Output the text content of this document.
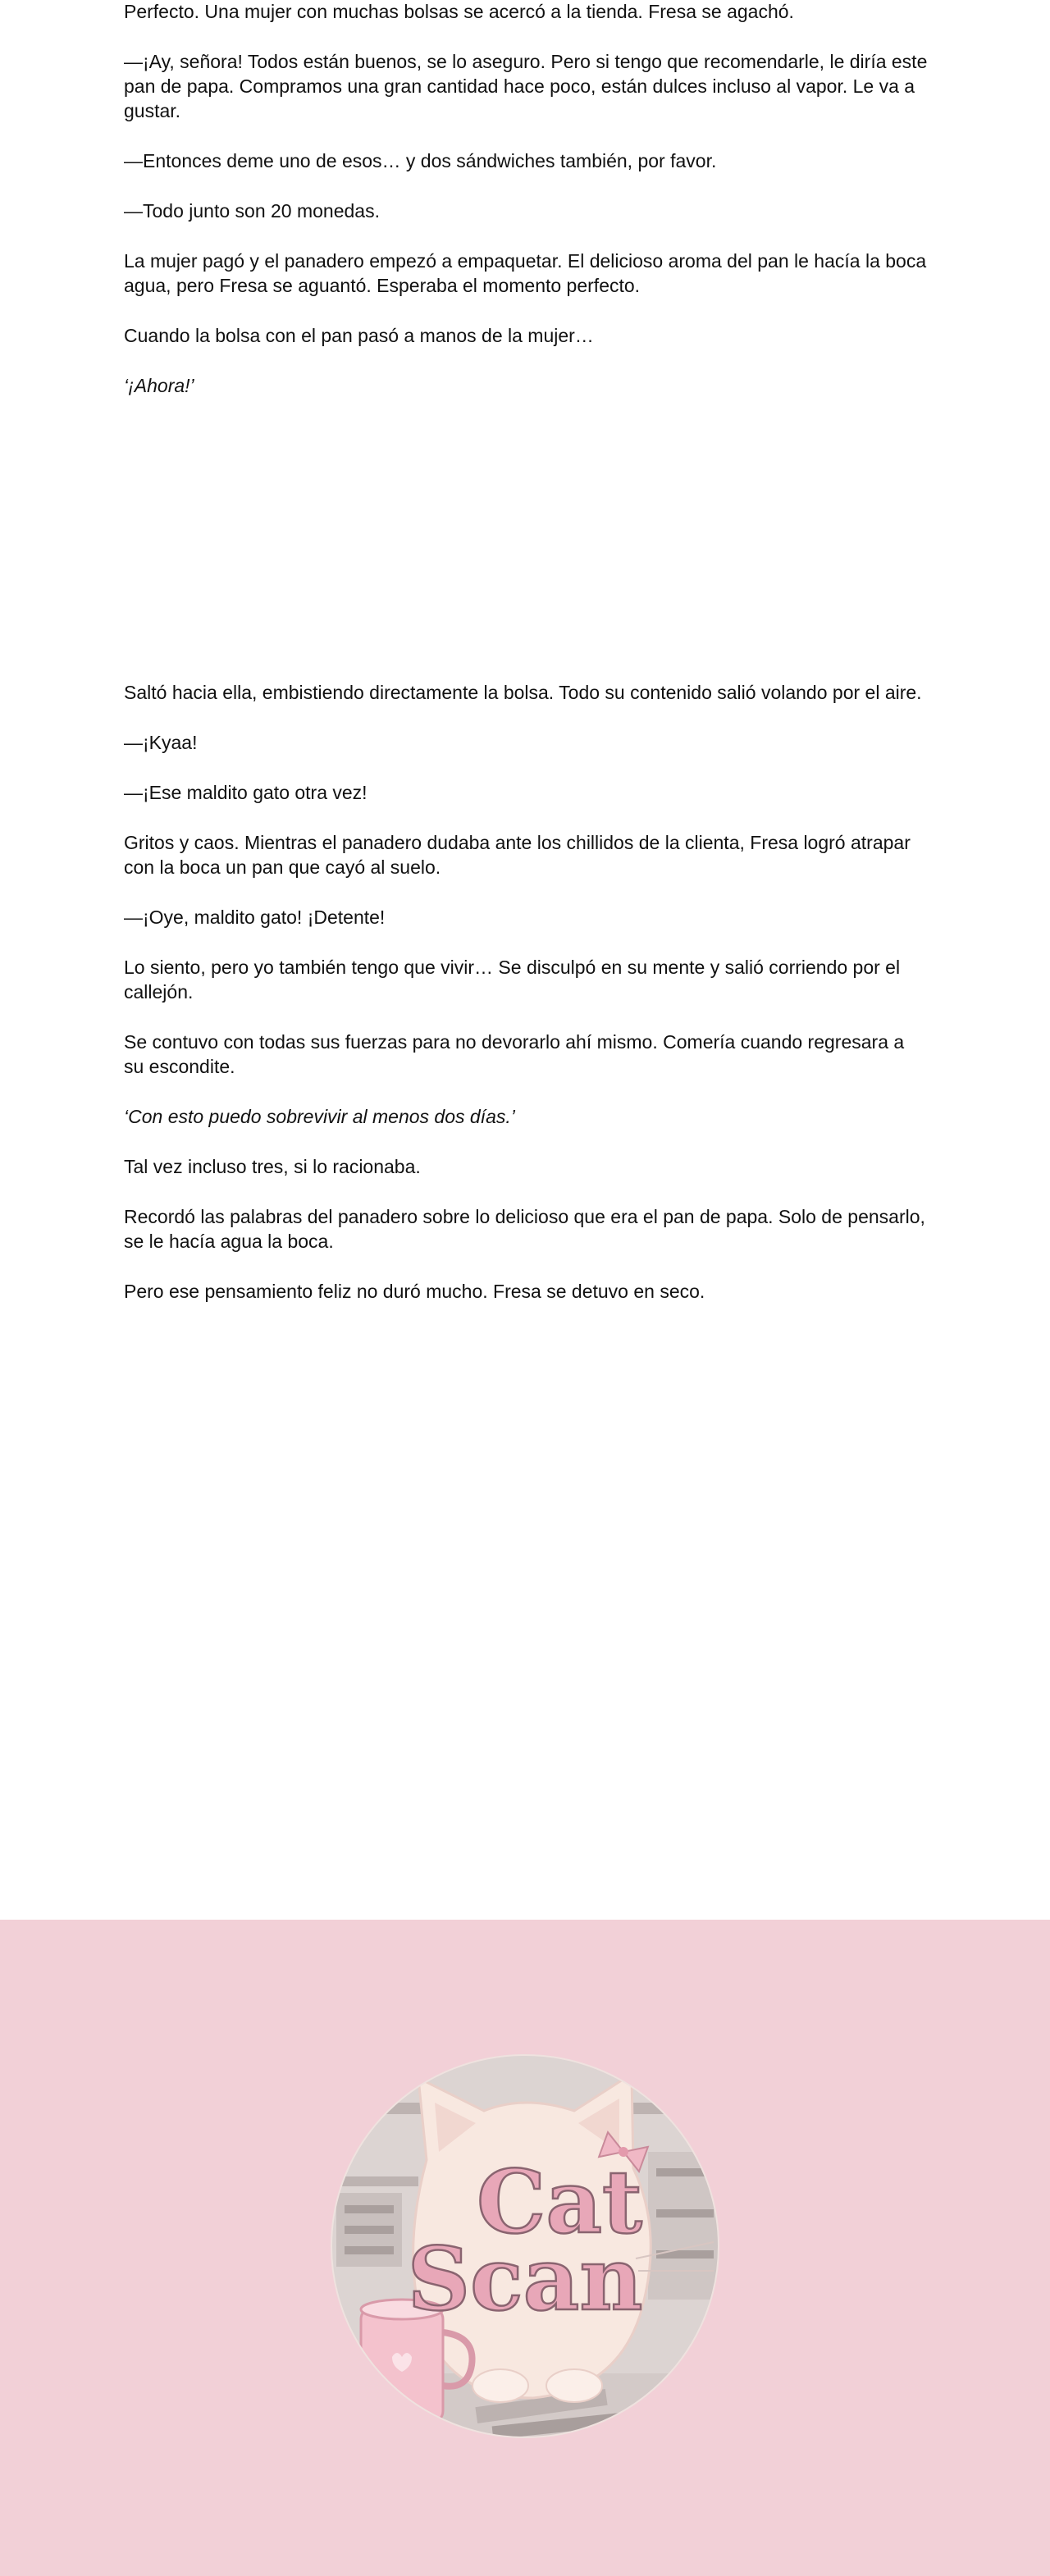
Perfecto. Una mujer con muchas bolsas se acercó a la tienda. Fresa se agachó.

—¡Ay, señora! Todos están buenos, se lo aseguro. Pero si tengo que recomendarle, le diría este pan de papa. Compramos una gran cantidad hace poco, están dulces incluso al vapor. Le va a gustar.

—Entonces deme uno de esos… y dos sándwiches también, por favor.

—Todo junto son 20 monedas.

La mujer pagó y el panadero empezó a empaquetar. El delicioso aroma del pan le hacía la boca agua, pero Fresa se aguantó. Esperaba el momento perfecto.

Cuando la bolsa con el pan pasó a manos de la mujer…

‘¡Ahora!’

Saltó hacia ella, embistiendo directamente la bolsa. Todo su contenido salió volando por el aire.

—¡Kyaa!

—¡Ese maldito gato otra vez!

Gritos y caos. Mientras el panadero dudaba ante los chillidos de la clienta, Fresa logró atrapar con la boca un pan que cayó al suelo.

—¡Oye, maldito gato! ¡Detente!

Lo siento, pero yo también tengo que vivir… Se disculpó en su mente y salió corriendo por el callejón.

Se contuvo con todas sus fuerzas para no devorarlo ahí mismo. Comería cuando regresara a su escondite.

‘Con esto puedo sobrevivir al menos dos días.’

Tal vez incluso tres, si lo racionaba.

Recordó las palabras del panadero sobre lo delicioso que era el pan de papa. Solo de pensarlo, se le hacía agua la boca.

Pero ese pensamiento feliz no duró mucho. Fresa se detuvo en seco.

Cat
Scan
